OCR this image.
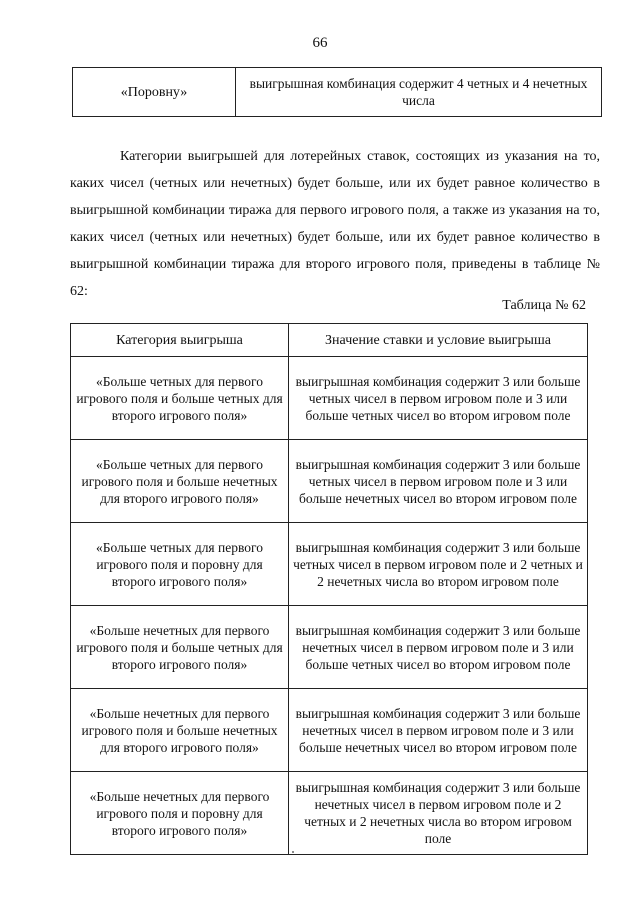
66
«Поровну»	выигрышная комбинация содержит 4 четных и 4 нечетных числа

Категории выигрышей для лотерейных ставок, состоящих из указания на то, каких чисел (четных или нечетных) будет больше, или их будет равное количество в выигрышной комбинации тиража для первого игрового поля, а также из указания на то, каких чисел (четных или нечетных) будет больше, или их будет равное количество в выигрышной комбинации тиража для второго игрового поля, приведены в таблице № 62:

Таблица № 62
Категория выигрыша	Значение ставки и условие выигрыша
«Больше четных для первого игрового поля и больше четных для второго игрового поля»	выигрышная комбинация содержит 3 или больше четных чисел в первом игровом поле и 3 или больше четных чисел во втором игровом поле
«Больше четных для первого игрового поля и больше нечетных для второго игрового поля»	выигрышная комбинация содержит 3 или больше четных чисел в первом игровом поле и 3 или больше нечетных чисел во втором игровом поле
«Больше четных для первого игрового поля и поровну для второго игрового поля»	выигрышная комбинация содержит 3 или больше четных чисел в первом игровом поле и 2 четных и 2 нечетных числа во втором игровом поле
«Больше нечетных для первого игрового поля и больше четных для второго игрового поля»	выигрышная комбинация содержит 3 или больше нечетных чисел в первом игровом поле и 3 или больше четных чисел во втором игровом поле
«Больше нечетных для первого игрового поля и больше нечетных для второго игрового поля»	выигрышная комбинация содержит 3 или больше нечетных чисел в первом игровом поле и 3 или больше нечетных чисел во втором игровом поле
«Больше нечетных для первого игрового поля и поровну для второго игрового поля»	выигрышная комбинация содержит 3 или больше нечетных чисел в первом игровом поле и 2 четных и 2 нечетных числа во втором игровом поле
